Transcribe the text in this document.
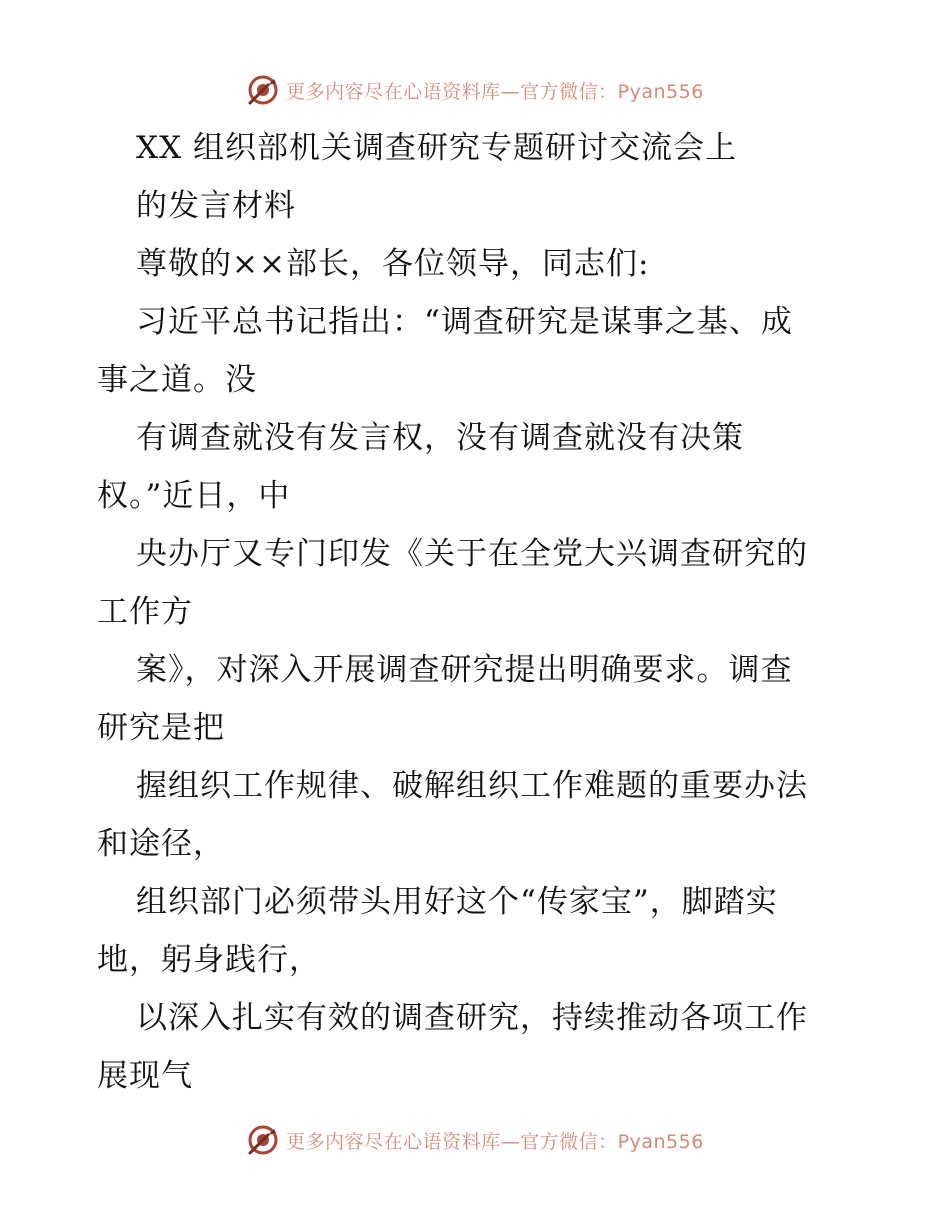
更多内容尽在心语资料库—官方微信：Pyan556
XX 组织部机关调查研究专题研讨交流会上
的发言材料
尊敬的××部长，各位领导，同志们:
习近平总书记指出：“调查研究是谋事之基、成
事之道。没
有调查就没有发言权，没有调查就没有决策
权。”近日，中
央办厅又专门印发《关于在全党大兴调查研究的
工作方
案》，对深入开展调查研究提出明确要求。调查
研究是把
握组织工作规律、破解组织工作难题的重要办法
和途径，
组织部门必须带头用好这个“传家宝”，脚踏实
地，躬身践行，
以深入扎实有效的调查研究，持续推动各项工作
展现气
更多内容尽在心语资料库—官方微信：Pyan556
